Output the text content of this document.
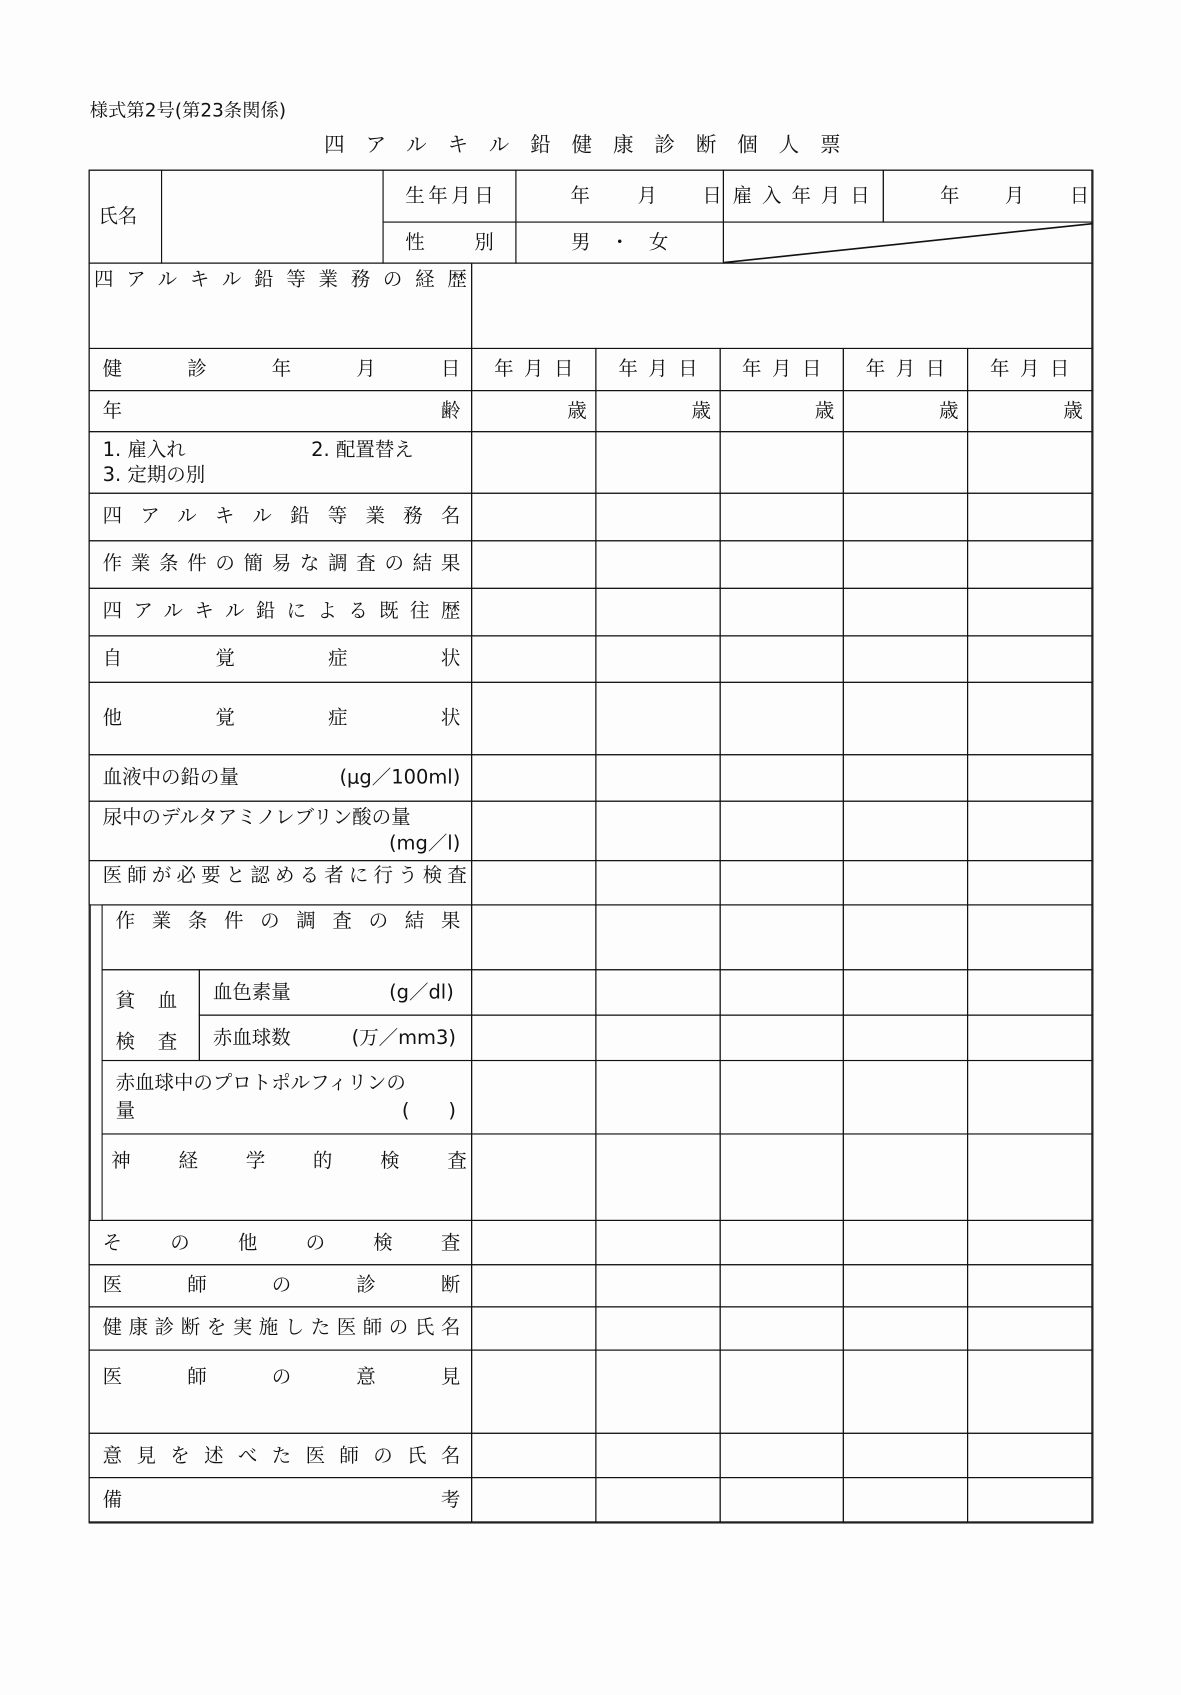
様式第2号(第23条関係)
四アルキル鉛健康診断個人票
氏名
生年月日	年	月	日 雇入年月日	年	月	日
性別	男　・　女
四アルキル鉛等業務の経歴
健診年月日	年 月 日	年 月 日	年 月 日	年 月 日	年 月 日
年齢	歳	歳	歳	歳	歳
1. 雇入れ	2. 配置替え
3. 定期の別
四アルキル鉛等業務名
作業条件の簡易な調査の結果
四アルキル鉛による既往歴
自覚症状
他覚症状
血液中の鉛の量	(μg／100ml)
尿中のデルタアミノレブリン酸の量
(mg／l)
医師が必要と認める者に行う検査
作業条件の調査の結果
貧血
検査
血色素量	(g／dl)
赤血球数	(万／mm3)
赤血球中のプロトポルフィリンの
量	(　　)
神経学的検査
その他の検査
医師の診断
健康診断を実施した医師の氏名
医師の意見
意見を述べた医師の氏名
備考
